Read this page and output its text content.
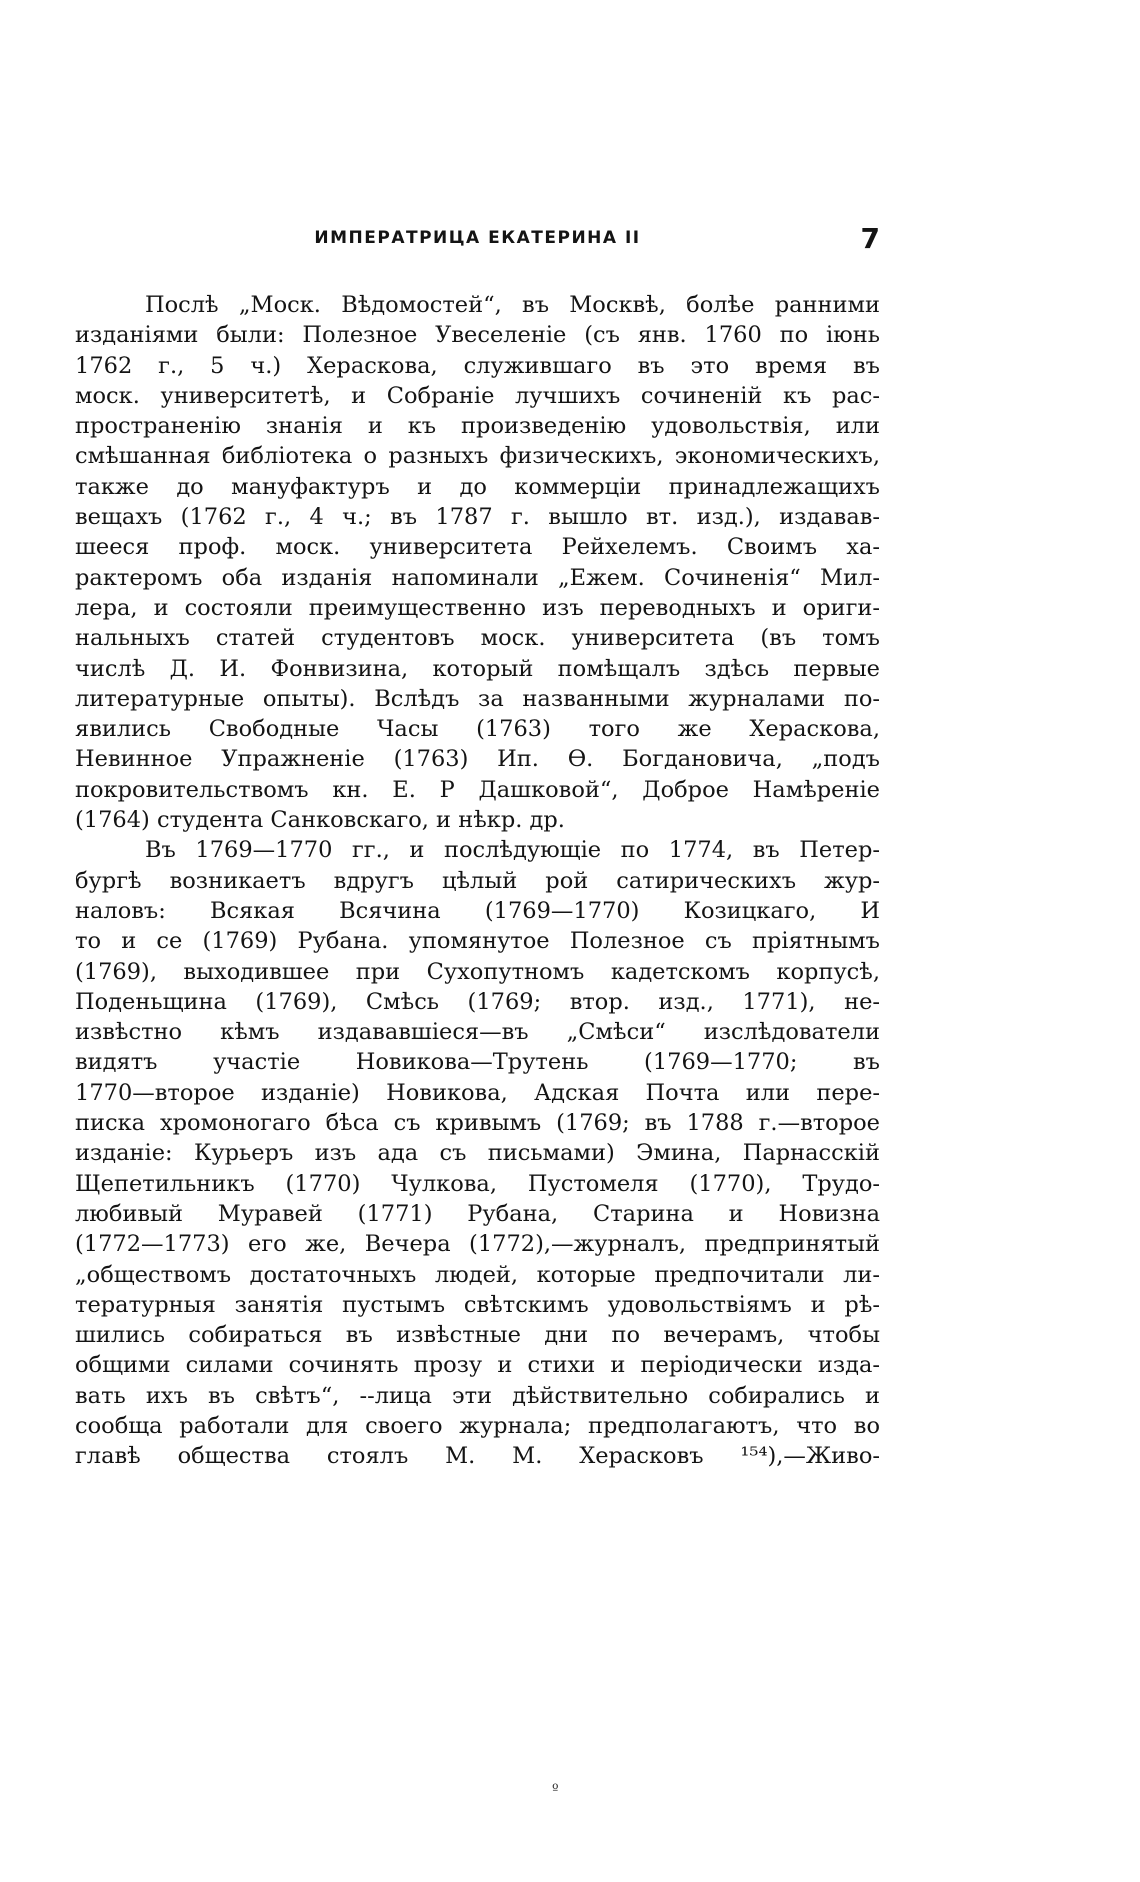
ИМПЕРАТРИЦА ЕКАТЕРИНА II	7
Послѣ „Моск. Вѣдомостей“, въ Москвѣ, болѣе ранними
изданіями были: Полезное Увеселеніе (съ янв. 1760 по іюнь
1762 г., 5 ч.) Хераскова, служившаго въ это время въ
моск. университетѣ, и Собраніе лучшихъ сочиненій къ рас-
пространенію знанія и къ произведенію удовольствія, или
смѣшанная библіотека о разныхъ физическихъ, экономическихъ,
также до мануфактуръ и до коммерціи принадлежащихъ
вещахъ (1762 г., 4 ч.; въ 1787 г. вышло вт. изд.), издавав-
шееся проф. моск. университета Рейхелемъ. Своимъ ха-
рактеромъ оба изданія напоминали „Ежем. Сочиненія“ Мил-
лера, и состояли преимущественно изъ переводныхъ и ориги-
нальныхъ статей студентовъ моск. университета (въ томъ
числѣ Д. И. Фонвизина, который помѣщалъ здѣсь первые
литературные опыты). Вслѣдъ за названными журналами по-
явились Свободные Часы (1763) того же Хераскова,
Невинное Упражненіе (1763) Ип. Ѳ. Богдановича, „подъ
покровительствомъ кн. Е. Р Дашковой“, Доброе Намѣреніе
(1764) студента Санковскаго, и нѣкр. др.
Въ 1769—1770 гг., и послѣдующіе по 1774, въ Петер-
бургѣ возникаетъ вдругъ цѣлый рой сатирическихъ жур-
наловъ: Всякая Всячина (1769—1770) Козицкаго, И
то и се (1769) Рубана. упомянутое Полезное съ пріятнымъ
(1769), выходившее при Сухопутномъ кадетскомъ корпусѣ,
Поденьщина (1769), Смѣсь (1769; втор. изд., 1771), не-
извѣстно кѣмъ издававшіеся—въ „Смѣси“ изслѣдователи
видятъ участіе Новикова—Трутень (1769—1770; въ
1770—второе изданіе) Новикова, Адская Почта или пере-
писка хромоногаго бѣса съ кривымъ (1769; въ 1788 г.—второе
изданіе: Курьеръ изъ ада съ письмами) Эмина, Парнасскій
Щепетильникъ (1770) Чулкова, Пустомеля (1770), Трудо-
любивый Муравей (1771) Рубана, Старина и Новизна
(1772—1773) его же, Вечера (1772),—журналъ, предпринятый
„обществомъ достаточныхъ людей, которые предпочитали ли-
тературныя занятія пустымъ свѣтскимъ удовольствіямъ и рѣ-
шились собираться въ извѣстные дни по вечерамъ, чтобы
общими силами сочинять прозу и стихи и періодически изда-
вать ихъ въ свѣтъ“, --лица эти дѣйствительно собирались и
сообща работали для своего журнала; предполагаютъ, что во
главѣ общества стоялъ М. М. Херасковъ ¹⁵⁴),—Живо-
º
